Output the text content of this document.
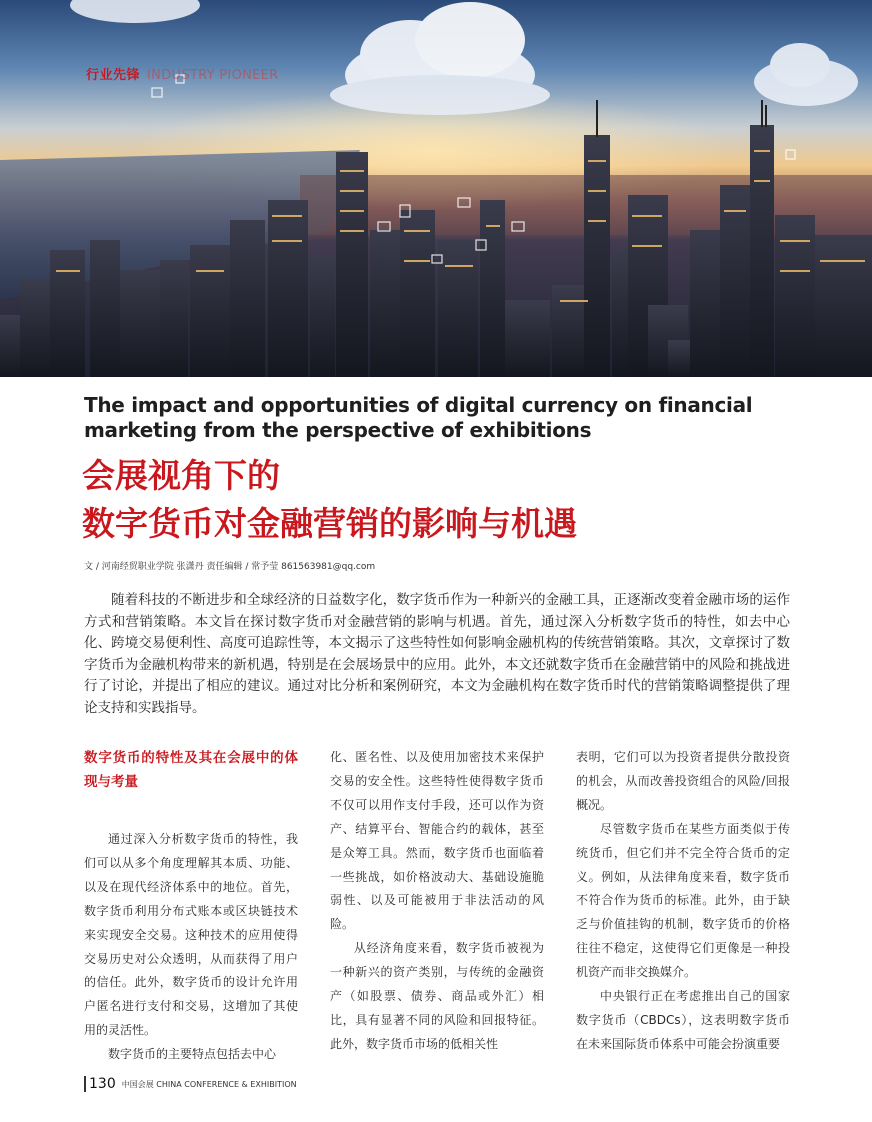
行业先锋 INDUSTRY PIONEER
The impact and opportunities of digital currency on financial marketing from the perspective of exhibitions
会展视角下的
数字货币对金融营销的影响与机遇
文 / 河南经贸职业学院 张潇丹 责任编辑 / 常予莹 861563981@qq.com
随着科技的不断进步和全球经济的日益数字化，数字货币作为一种新兴的金融工具，正逐渐改变着金融市场的运作方式和营销策略。本文旨在探讨数字货币对金融营销的影响与机遇。首先，通过深入分析数字货币的特性，如去中心化、跨境交易便利性、高度可追踪性等，本文揭示了这些特性如何影响金融机构的传统营销策略。其次，文章探讨了数字货币为金融机构带来的新机遇，特别是在会展场景中的应用。此外，本文还就数字货币在金融营销中的风险和挑战进行了讨论，并提出了相应的建议。通过对比分析和案例研究，本文为金融机构在数字货币时代的营销策略调整提供了理论支持和实践指导。
数字货币的特性及其在会展中的体现与考量

通过深入分析数字货币的特性，我们可以从多个角度理解其本质、功能、以及在现代经济体系中的地位。首先，数字货币利用分布式账本或区块链技术来实现安全交易。这种技术的应用使得交易历史对公众透明，从而获得了用户的信任。此外，数字货币的设计允许用户匿名进行支付和交易，这增加了其使用的灵活性。

数字货币的主要特点包括去中心

化、匿名性、以及使用加密技术来保护交易的安全性。这些特性使得数字货币不仅可以用作支付手段，还可以作为资产、结算平台、智能合约的载体，甚至是众筹工具。然而，数字货币也面临着一些挑战，如价格波动大、基础设施脆弱性、以及可能被用于非法活动的风险。

从经济角度来看，数字货币被视为一种新兴的资产类别，与传统的金融资产（如股票、债券、商品或外汇）相比，具有显著不同的风险和回报特征。此外，数字货币市场的低相关性

表明，它们可以为投资者提供分散投资的机会，从而改善投资组合的风险/回报概况。

尽管数字货币在某些方面类似于传统货币，但它们并不完全符合货币的定义。例如，从法律角度来看，数字货币不符合作为货币的标准。此外，由于缺乏与价值挂钩的机制，数字货币的价格往往不稳定，这使得它们更像是一种投机资产而非交换媒介。

中央银行正在考虑推出自己的国家数字货币（CBDCs），这表明数字货币在未来国际货币体系中可能会扮演重要

130 中国会展 CHINA CONFERENCE & EXHIBITION
